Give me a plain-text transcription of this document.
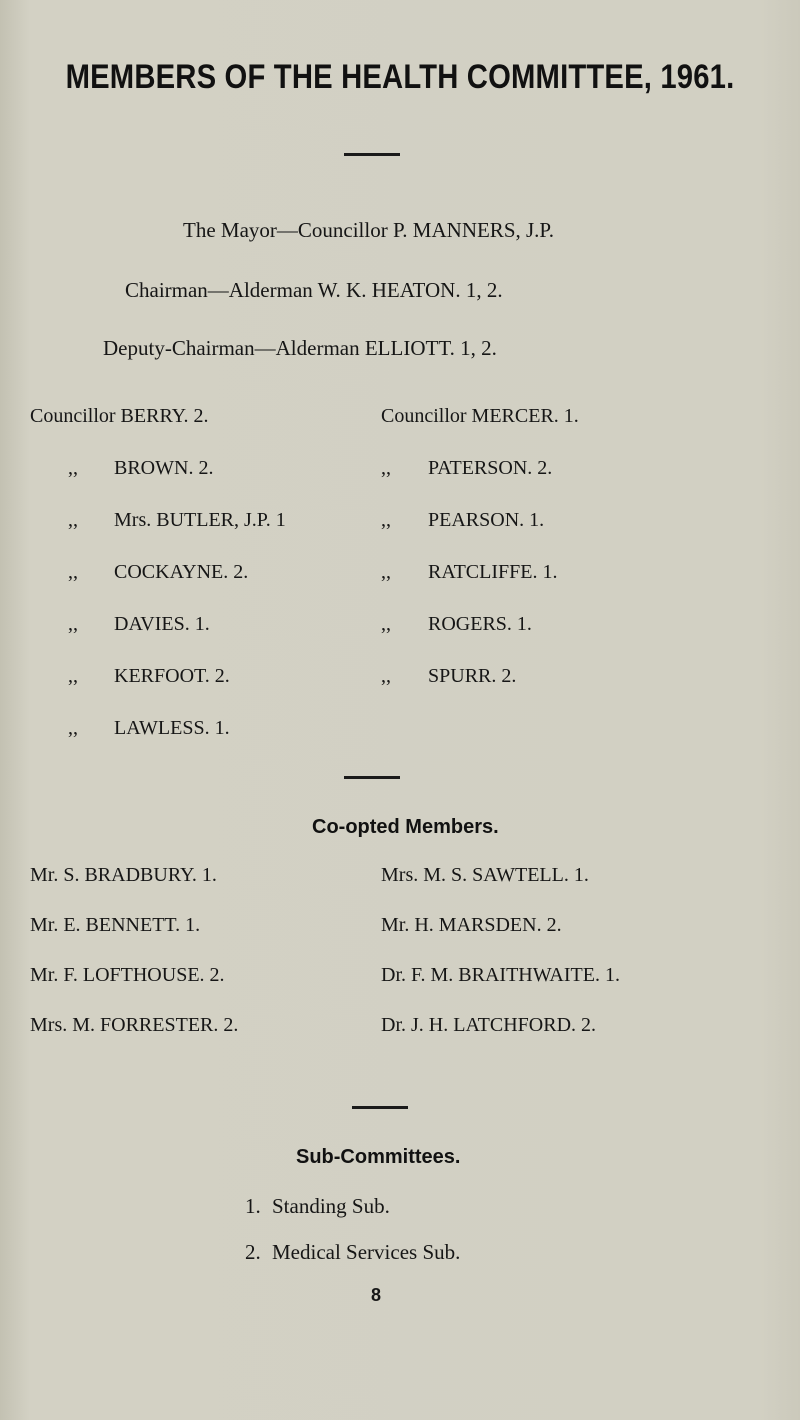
MEMBERS OF THE HEALTH COMMITTEE, 1961.
The Mayor—Councillor P. MANNERS, J.P.
Chairman—Alderman W. K. HEATON. 1, 2.
Deputy-Chairman—Alderman ELLIOTT. 1, 2.
Councillor BERRY. 2.
,, BROWN. 2.
,, Mrs. BUTLER, J.P. 1
,, COCKAYNE. 2.
,, DAVIES. 1.
,, KERFOOT. 2.
,, LAWLESS. 1.
Councillor MERCER. 1.
,, PATERSON. 2.
,, PEARSON. 1.
,, RATCLIFFE. 1.
,, ROGERS. 1.
,, SPURR. 2.
Co-opted Members.
Mr. S. BRADBURY. 1.
Mr. E. BENNETT. 1.
Mr. F. LOFTHOUSE. 2.
Mrs. M. FORRESTER. 2.
Mrs. M. S. SAWTELL. 1.
Mr. H. MARSDEN. 2.
Dr. F. M. BRAITHWAITE. 1.
Dr. J. H. LATCHFORD. 2.
Sub-Committees.
1. Standing Sub.
2. Medical Services Sub.
8
